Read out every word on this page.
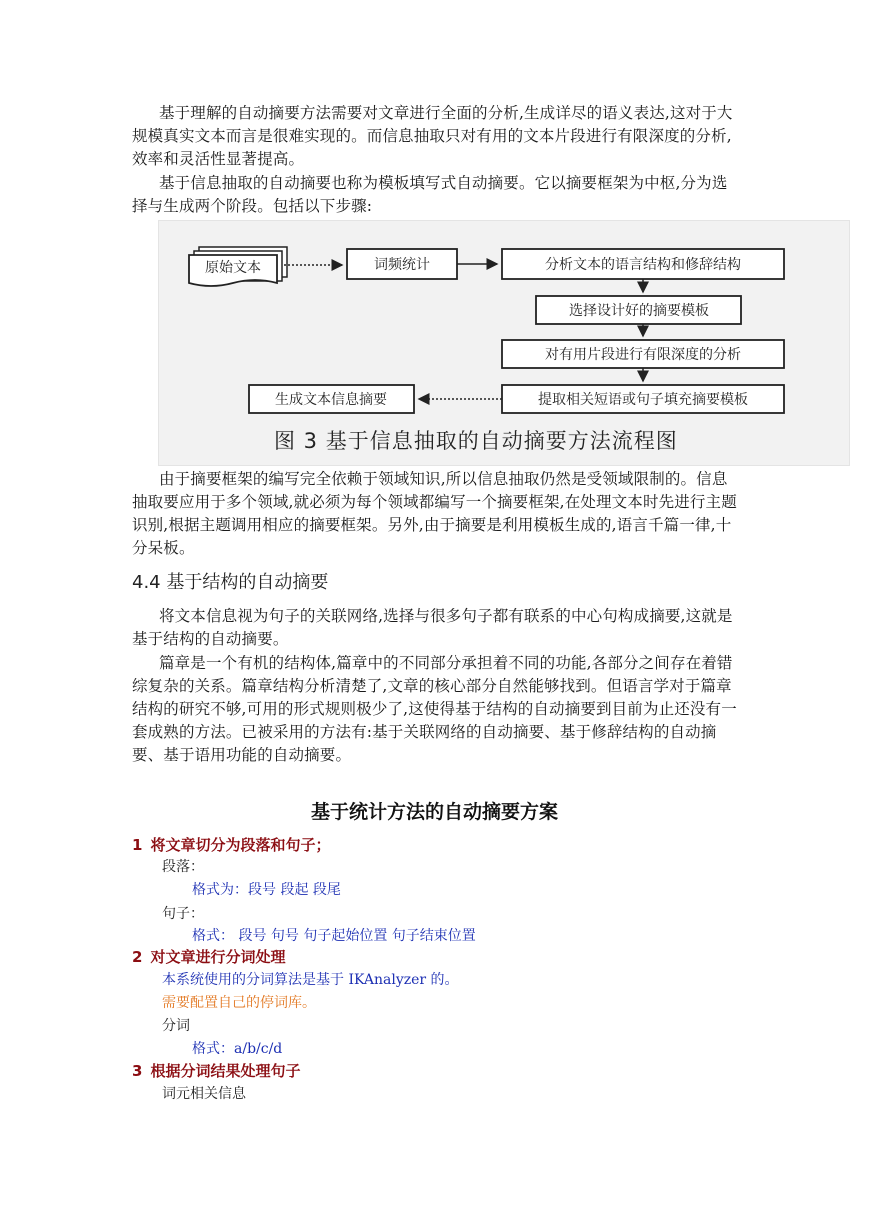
基于理解的自动摘要方法需要对文章进行全面的分析,生成详尽的语义表达,这对于大规模真实文本而言是很难实现的。而信息抽取只对有用的文本片段进行有限深度的分析,效率和灵活性显著提高。

基于信息抽取的自动摘要也称为模板填写式自动摘要。它以摘要框架为中枢,分为选择与生成两个阶段。包括以下步骤:

原始文本	词频统计	分析文本的语言结构和修辞结构
选择设计好的摘要模板
对有用片段进行有限深度的分析
提取相关短语或句子填充摘要模板
生成文本信息摘要
图 3 基于信息抽取的自动摘要方法流程图

由于摘要框架的编写完全依赖于领域知识,所以信息抽取仍然是受领域限制的。信息抽取要应用于多个领域,就必须为每个领域都编写一个摘要框架,在处理文本时先进行主题识别,根据主题调用相应的摘要框架。另外,由于摘要是利用模板生成的,语言千篇一律,十分呆板。

4.4 基于结构的自动摘要

将文本信息视为句子的关联网络,选择与很多句子都有联系的中心句构成摘要,这就是基于结构的自动摘要。

篇章是一个有机的结构体,篇章中的不同部分承担着不同的功能,各部分之间存在着错综复杂的关系。篇章结构分析清楚了,文章的核心部分自然能够找到。但语言学对于篇章结构的研究不够,可用的形式规则极少了,这使得基于结构的自动摘要到目前为止还没有一套成熟的方法。已被采用的方法有:基于关联网络的自动摘要、基于修辞结构的自动摘要、基于语用功能的自动摘要。

基于统计方法的自动摘要方案
1 将文章切分为段落和句子；
段落：
格式为：段号 段起 段尾
句子：
格式： 段号 句号 句子起始位置 句子结束位置
2 对文章进行分词处理
本系统使用的分词算法是基于 IKAnalyzer 的。
需要配置自己的停词库。
分词
格式：a/b/c/d
3 根据分词结果处理句子
词元相关信息
